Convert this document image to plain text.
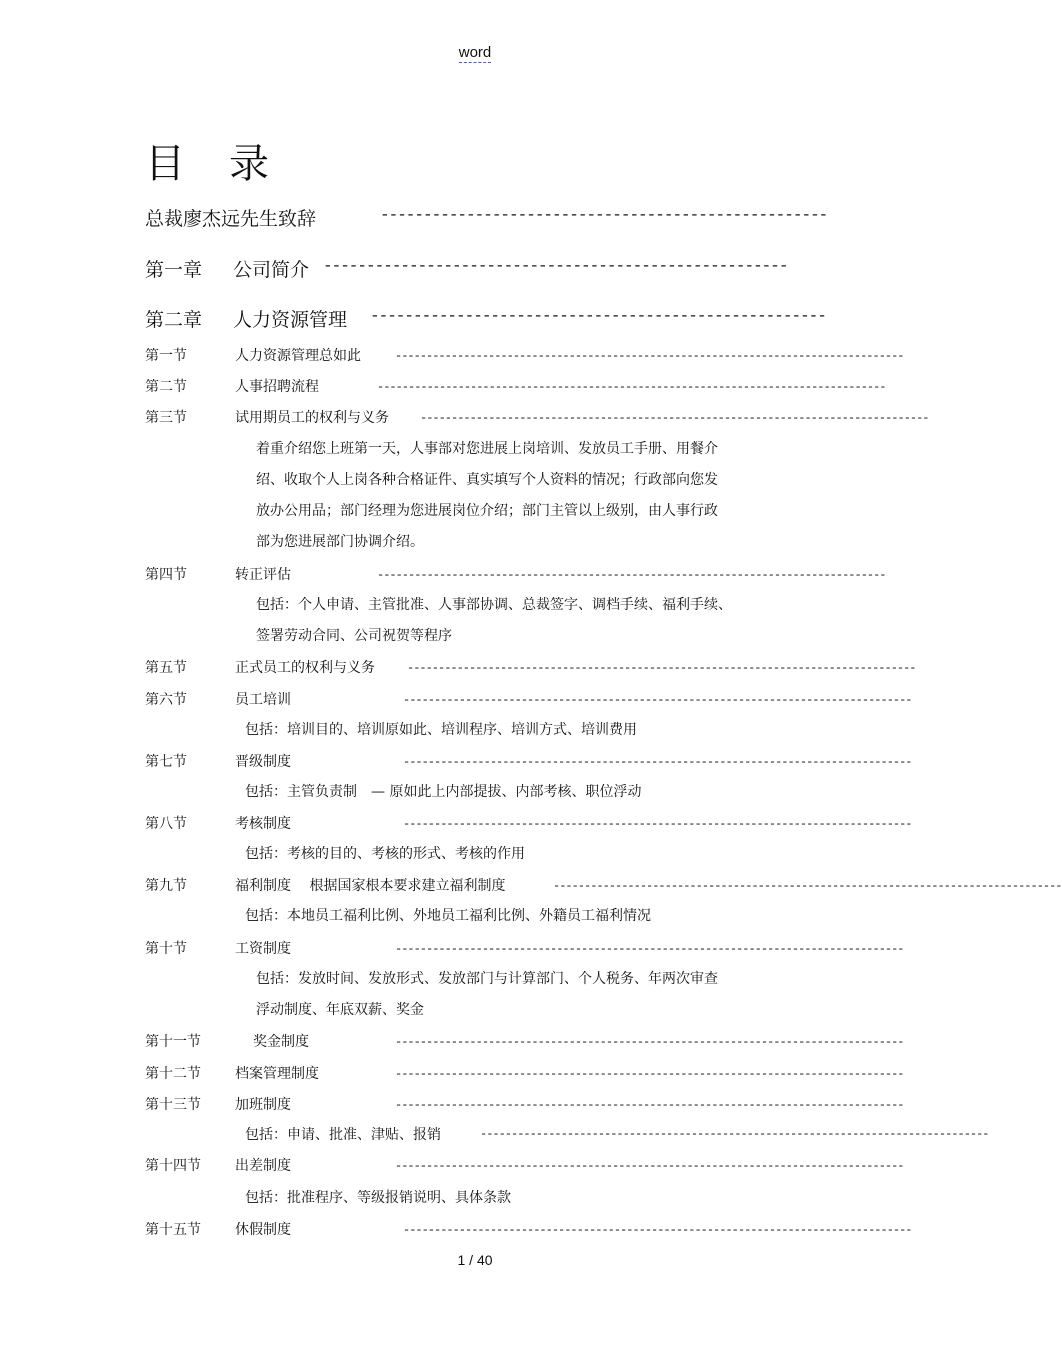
word
目录
总裁廖杰远先生致辞	----------------------------------------------------
第一章 公司简介 ------------------------------------------------------
第二章 人力资源管理 -----------------------------------------------------
第一节	人力资源管理总如此	----------------------------------------------------------------------------------
第二节	人事招聘流程	----------------------------------------------------------------------------------
第三节	试用期员工的权利与义务	----------------------------------------------------------------------------------
着重介绍您上班第一天，人事部对您进展上岗培训、发放员工手册、用餐介
绍、收取个人上岗各种合格证件、真实填写个人资料的情况；行政部向您发
放办公用品；部门经理为您进展岗位介绍；部门主管以上级别，由人事行政
部为您进展部门协调介绍。
第四节	转正评估	----------------------------------------------------------------------------------
包括：个人申请、主管批准、人事部协调、总裁签字、调档手续、福利手续、
签署劳动合同、公司祝贺等程序
第五节	正式员工的权利与义务	----------------------------------------------------------------------------------
第六节	员工培训	----------------------------------------------------------------------------------
包括：培训目的、培训原如此、培训程序、培训方式、培训费用
第七节	晋级制度	----------------------------------------------------------------------------------
包括：主管负责制　— 原如此上内部提拔、内部考核、职位浮动
第八节	考核制度	----------------------------------------------------------------------------------
包括：考核的目的、考核的形式、考核的作用
第九节	福利制度　 根据国家根本要求建立福利制度	----------------------------------------------------------------------------------
包括：本地员工福利比例、外地员工福利比例、外籍员工福利情况
第十节	工资制度	----------------------------------------------------------------------------------
包括：发放时间、发放形式、发放部门与计算部门、个人税务、年两次审查
浮动制度、年底双薪、奖金
第十一节	奖金制度	----------------------------------------------------------------------------------
第十二节 档案管理制度	----------------------------------------------------------------------------------
第十三节 加班制度	----------------------------------------------------------------------------------
包括：申请、批准、津贴、报销	----------------------------------------------------------------------------------
第十四节 出差制度	----------------------------------------------------------------------------------
包括：批准程序、等级报销说明、具体条款
第十五节 休假制度	----------------------------------------------------------------------------------
1 / 40
